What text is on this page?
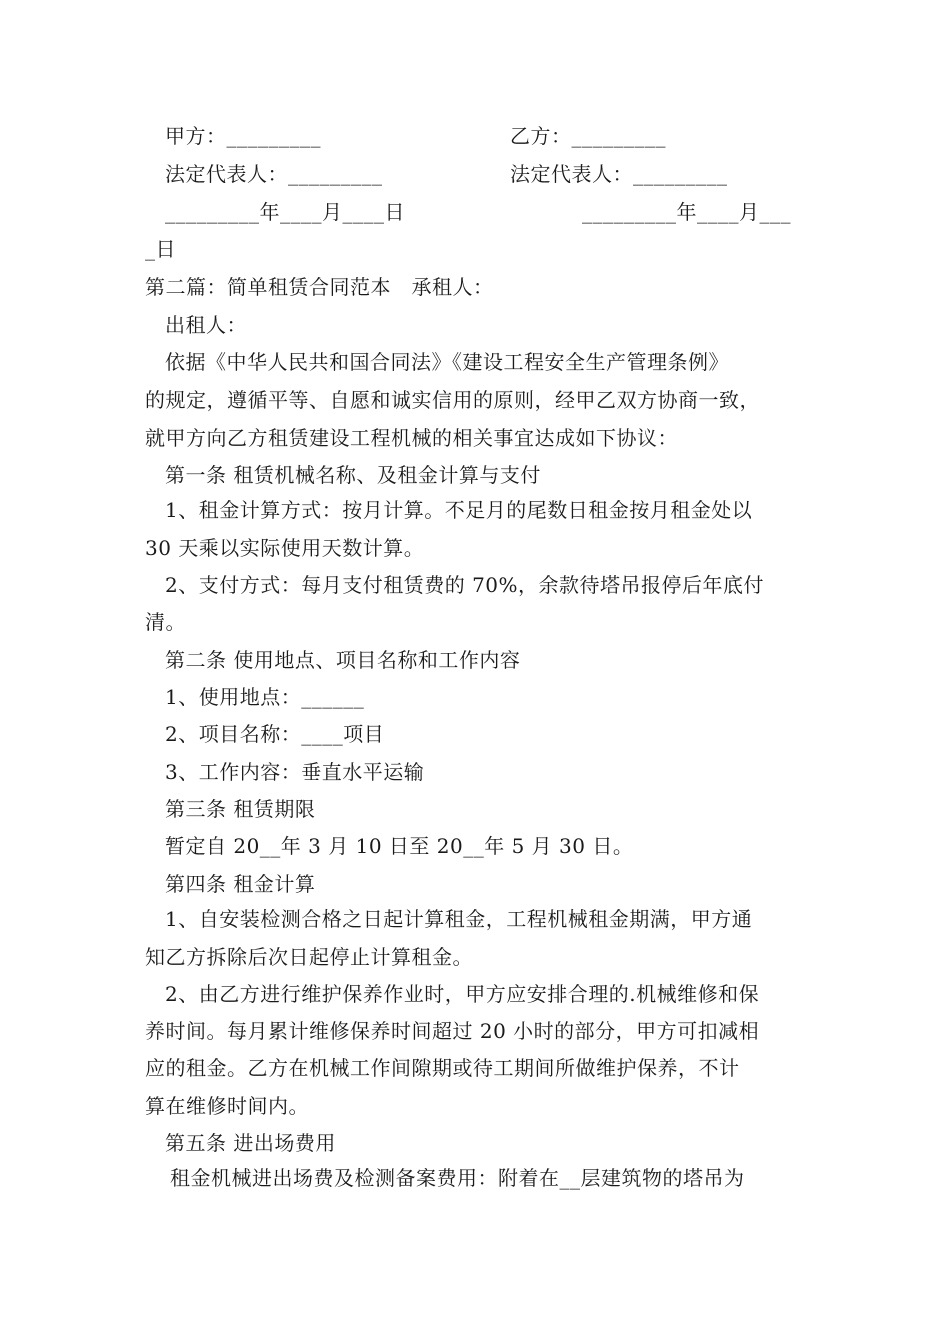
甲方：_________	乙方：_________
法定代表人：_________	法定代表人：_________
_________年____月____日	_________年____月___
_日
第二篇：简单租赁合同范本　承租人：
出租人：
依据《中华人民共和国合同法》《建设工程安全生产管理条例》
的规定，遵循平等、自愿和诚实信用的原则，经甲乙双方协商一致，
就甲方向乙方租赁建设工程机械的相关事宜达成如下协议：
第一条 租赁机械名称、及租金计算与支付
1、租金计算方式：按月计算。不足月的尾数日租金按月租金处以
30 天乘以实际使用天数计算。
2、支付方式：每月支付租赁费的 70%，余款待塔吊报停后年底付
清。
第二条 使用地点、项目名称和工作内容
1、使用地点：______
2、项目名称：____项目
3、工作内容：垂直水平运输
第三条 租赁期限
暂定自 20__年 3 月 10 日至 20__年 5 月 30 日。
第四条 租金计算
1、自安装检测合格之日起计算租金，工程机械租金期满，甲方通
知乙方拆除后次日起停止计算租金。
2、由乙方进行维护保养作业时，甲方应安排合理的.机械维修和保
养时间。每月累计维修保养时间超过 20 小时的部分，甲方可扣减相
应的租金。乙方在机械工作间隙期或待工期间所做维护保养，不计
算在维修时间内。
第五条 进出场费用
租金机械进出场费及检测备案费用：附着在__层建筑物的塔吊为
